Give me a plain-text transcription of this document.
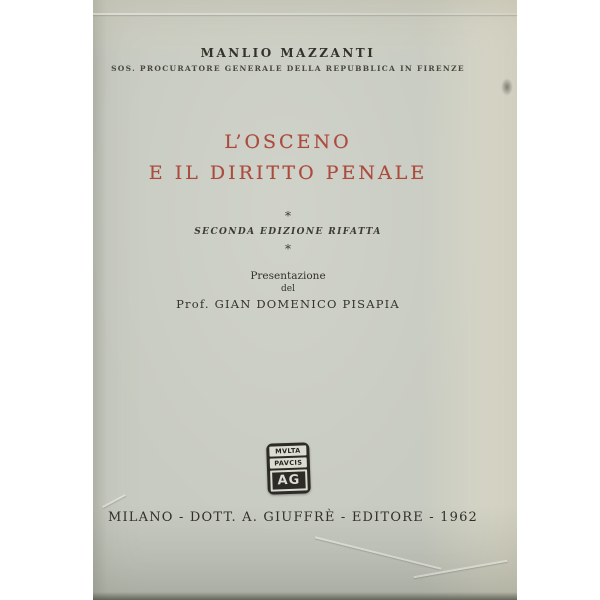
MANLIO MAZZANTI
SOS. PROCURATORE GENERALE DELLA REPUBBLICA IN FIRENZE
L’OSCENO
E IL DIRITTO PENALE
*
SECONDA EDIZIONE RIFATTA
*
Presentazione
del
Prof. GIAN DOMENICO PISAPIA
MVLTA
PAVCIS
AG
MILANO - DOTT. A. GIUFFRÈ - EDITORE - 1962
